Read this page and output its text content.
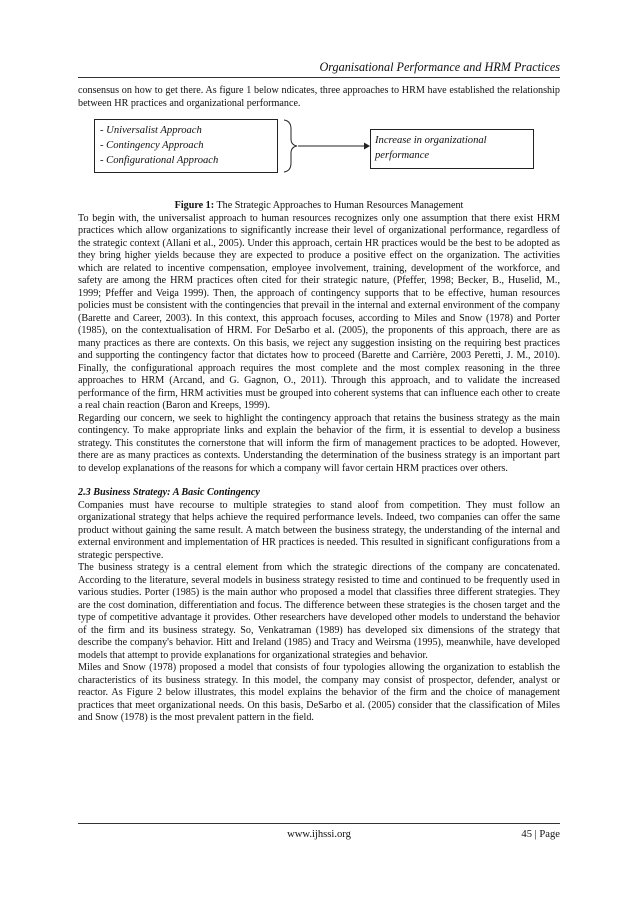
Organisational Performance and HRM Practices

consensus on how to get there. As figure 1 below ndicates, three approaches to HRM have established the relationship between HR practices and organizational performance.

- Universalist Approach
- Contingency Approach
- Configurational Approach
Increase in organizational
performance

Figure 1: The Strategic Approaches to Human Resources Management

To begin with, the universalist approach to human resources recognizes only one assumption that there exist HRM practices which allow organizations to significantly increase their level of organizational performance, regardless of the strategic context (Allani et al., 2005). Under this approach, certain HR practices would be the best to be adopted as they bring higher yields because they are expected to produce a positive effect on the organization. The activities which are related to incentive compensation, employee involvement, training, development of the workforce, and safety are among the HRM practices often cited for their strategic nature, (Pfeffer, 1998; Becker, B., Huselid, M., 1999; Pfeffer and Veiga 1999). Then, the approach of contingency supports that to be effective, human resources policies must be consistent with the contingencies that prevail in the internal and external environment of the company (Barette and Career, 2003). In this context, this approach focuses, according to Miles and Snow (1978) and Porter (1985), on the contextualisation of HRM. For DeSarbo et al. (2005), the proponents of this approach, there are as many practices as there are contexts. On this basis, we reject any suggestion insisting on the requiring best practices and supporting the contingency factor that dictates how to proceed (Barette and Carrière, 2003 Peretti, J. M., 2010). Finally, the configurational approach requires the most complete and the most complex reasoning in the three approaches to HRM (Arcand, and G. Gagnon, O., 2011). Through this approach, and to validate the increased performance of the firm, HRM activities must be grouped into coherent systems that can influence each other to create a real chain reaction (Baron and Kreeps, 1999).

Regarding our concern, we seek to highlight the contingency approach that retains the business strategy as the main contingency. To make appropriate links and explain the behavior of the firm, it is essential to develop a business strategy. This constitutes the cornerstone that will inform the firm of management practices to be adopted. However, there are as many practices as contexts. Understanding the determination of the business strategy is an important part to develop explanations of the reasons for which a company will favor certain HRM practices over others.

2.3 Business Strategy: A Basic Contingency

Companies must have recourse to multiple strategies to stand aloof from competition. They must follow an organizational strategy that helps achieve the required performance levels. Indeed, two companies can offer the same product without gaining the same result. A match between the business strategy, the understanding of the internal and external environment and implementation of HR practices is needed. This resulted in significant configurations from a strategic perspective.

The business strategy is a central element from which the strategic directions of the company are concatenated. According to the literature, several models in business strategy resisted to time and continued to be frequently used in various studies. Porter (1985) is the main author who proposed a model that classifies three different strategies. They are the cost domination, differentiation and focus. The difference between these strategies is the chosen target and the type of competitive advantage it provides. Other researchers have developed other models to understand the behavior of the firm and its business strategy. So, Venkatraman (1989) has developed six dimensions of the strategy that describe the company's behavior. Hitt and Ireland (1985) and Tracy and Weirsma (1995), meanwhile, have developed models that attempt to provide explanations for organizational strategies and behavior.

Miles and Snow (1978) proposed a model that consists of four typologies allowing the organization to establish the characteristics of its business strategy. In this model, the company may consist of prospector, defender, analyst or reactor. As Figure 2 below illustrates, this model explains the behavior of the firm and the choice of management practices that meet organizational needs. On this basis, DeSarbo et al. (2005) consider that the classification of Miles and Snow (1978) is the most prevalent pattern in the field.

www.ijhssi.org	45 | Page
